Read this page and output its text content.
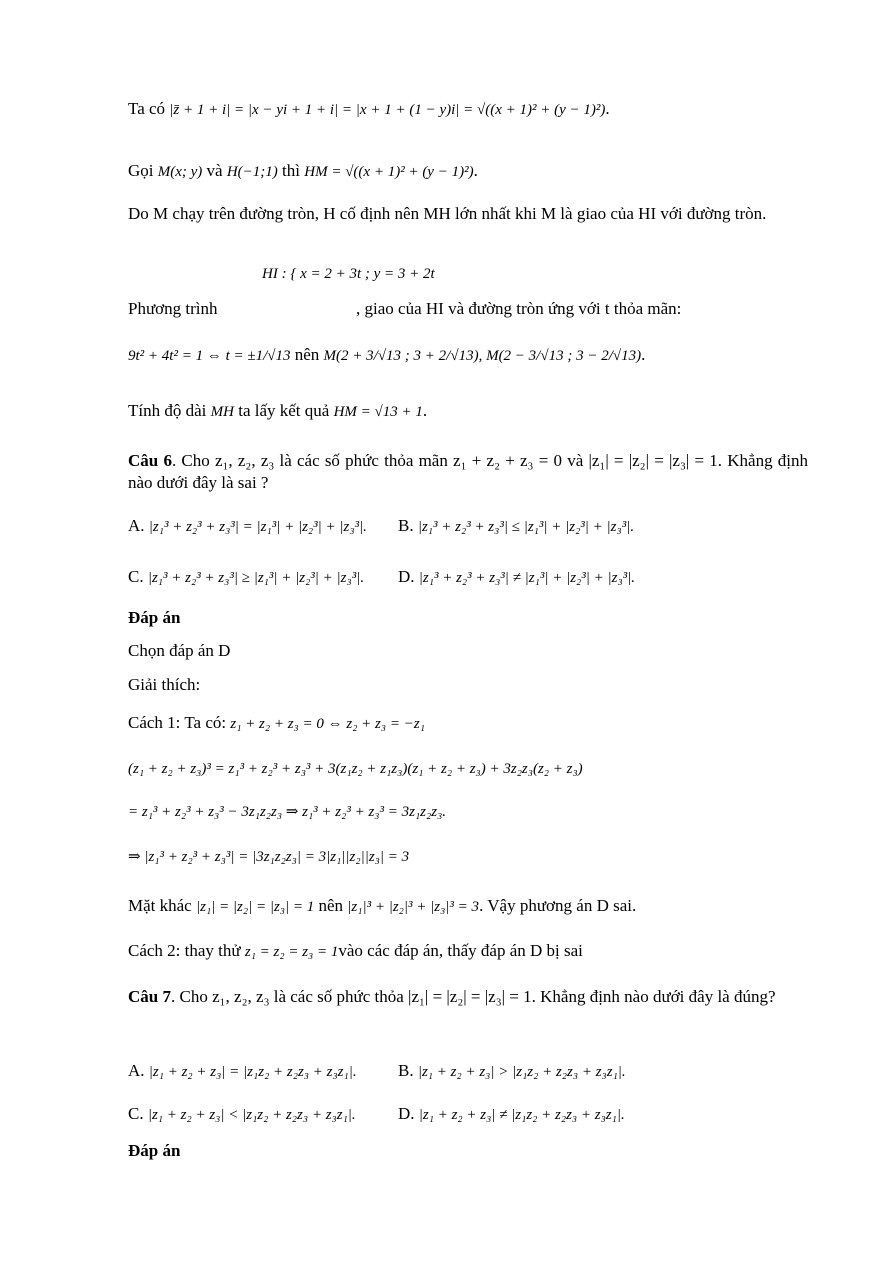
Ta có |z̄ + 1 + i| = |x − yi + 1 + i| = |x + 1 + (1 − y)i| = √((x + 1)² + (y − 1)²).
Gọi M(x; y) và H(−1;1) thì HM = √((x + 1)² + (y − 1)²).
Do M chạy trên đường tròn, H cố định nên MH lớn nhất khi M là giao của HI với đường tròn.
HI : { x = 2 + 3t ; y = 3 + 2t
Phương trình	, giao của HI và đường tròn ứng với t thỏa mãn:
9t² + 4t² = 1 ⇔ t = ±1/√13 nên M(2 + 3/√13 ; 3 + 2/√13), M(2 − 3/√13 ; 3 − 2/√13).
Tính độ dài MH ta lấy kết quả HM = √13 + 1.
Câu 6. Cho z₁, z₂, z₃ là các số phức thỏa mãn z₁ + z₂ + z₃ = 0 và |z₁| = |z₂| = |z₃| = 1. Khẳng định nào dưới đây là sai ?
A. |z₁³ + z₂³ + z₃³| = |z₁³| + |z₂³| + |z₃³|. B. |z₁³ + z₂³ + z₃³| ≤ |z₁³| + |z₂³| + |z₃³|.
C. |z₁³ + z₂³ + z₃³| ≥ |z₁³| + |z₂³| + |z₃³|. D. |z₁³ + z₂³ + z₃³| ≠ |z₁³| + |z₂³| + |z₃³|.
Đáp án
Chọn đáp án D
Giải thích:
Cách 1: Ta có: z₁ + z₂ + z₃ = 0 ⇔ z₂ + z₃ = −z₁
(z₁ + z₂ + z₃)³ = z₁³ + z₂³ + z₃³ + 3(z₁z₂ + z₁z₃)(z₁ + z₂ + z₃) + 3z₂z₃(z₂ + z₃)
= z₁³ + z₂³ + z₃³ − 3z₁z₂z₃ ⇒ z₁³ + z₂³ + z₃³ = 3z₁z₂z₃.
⇒ |z₁³ + z₂³ + z₃³| = |3z₁z₂z₃| = 3|z₁||z₂||z₃| = 3
Mặt khác |z₁| = |z₂| = |z₃| = 1 nên |z₁|³ + |z₂|³ + |z₃|³ = 3. Vậy phương án D sai.
Cách 2: thay thử z₁ = z₂ = z₃ = 1vào các đáp án, thấy đáp án D bị sai
Câu 7. Cho z₁, z₂, z₃ là các số phức thỏa |z₁| = |z₂| = |z₃| = 1. Khẳng định nào dưới đây là đúng?
A. |z₁ + z₂ + z₃| = |z₁z₂ + z₂z₃ + z₃z₁|. B. |z₁ + z₂ + z₃| > |z₁z₂ + z₂z₃ + z₃z₁|.
C. |z₁ + z₂ + z₃| < |z₁z₂ + z₂z₃ + z₃z₁|. D. |z₁ + z₂ + z₃| ≠ |z₁z₂ + z₂z₃ + z₃z₁|.
Đáp án
